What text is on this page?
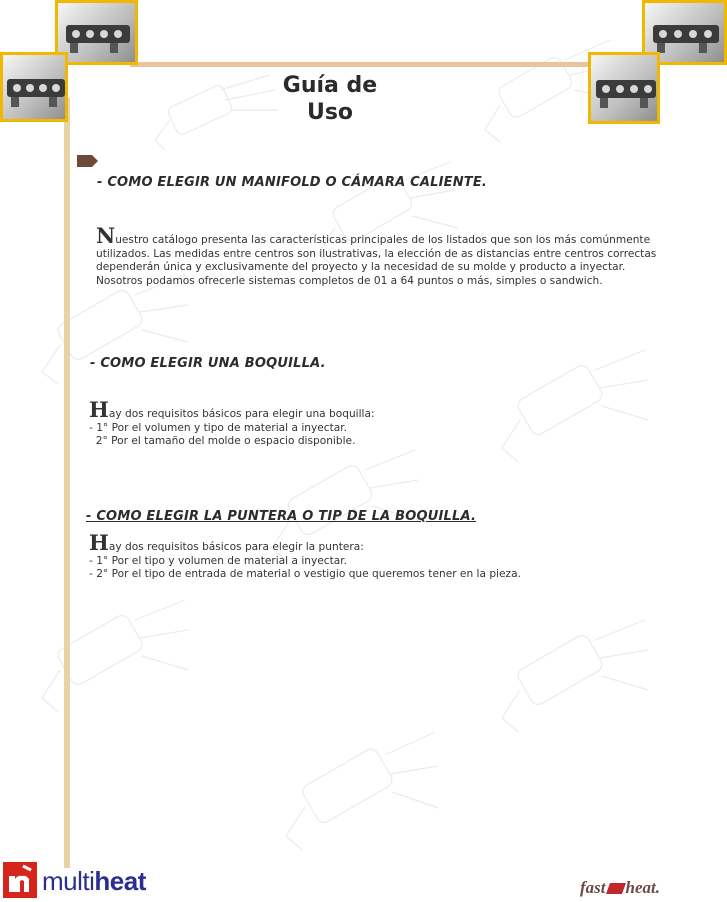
Guía de
Uso
- COMO ELEGIR UN MANIFOLD O CÁMARA CALIENTE.
Nuestro catálogo presenta las características principales de los listados que son los más comúnmente
utilizados. Las medidas entre centros son ilustrativas, la elección de as distancias entre centros correctas
dependerán única y exclusivamente del proyecto y la necesidad de su molde y producto a inyectar.
Nosotros podamos ofrecerle sistemas completos de 01 a 64 puntos o más, simples o sandwich.
- COMO ELEGIR UNA BOQUILLA.
Hay dos requisitos básicos para elegir una boquilla:
- 1° Por el volumen y tipo de material a inyectar.
2° Por el tamaño del molde o espacio disponible.
- COMO ELEGIR LA PUNTERA O TIP DE LA BOQUILLA.
Hay dos requisitos básicos para elegir la puntera:
- 1° Por el tipo y volumen de material a inyectar.
- 2° Por el tipo de entrada de material o vestigio que queremos tener en la pieza.
multiheat	fast heat.
